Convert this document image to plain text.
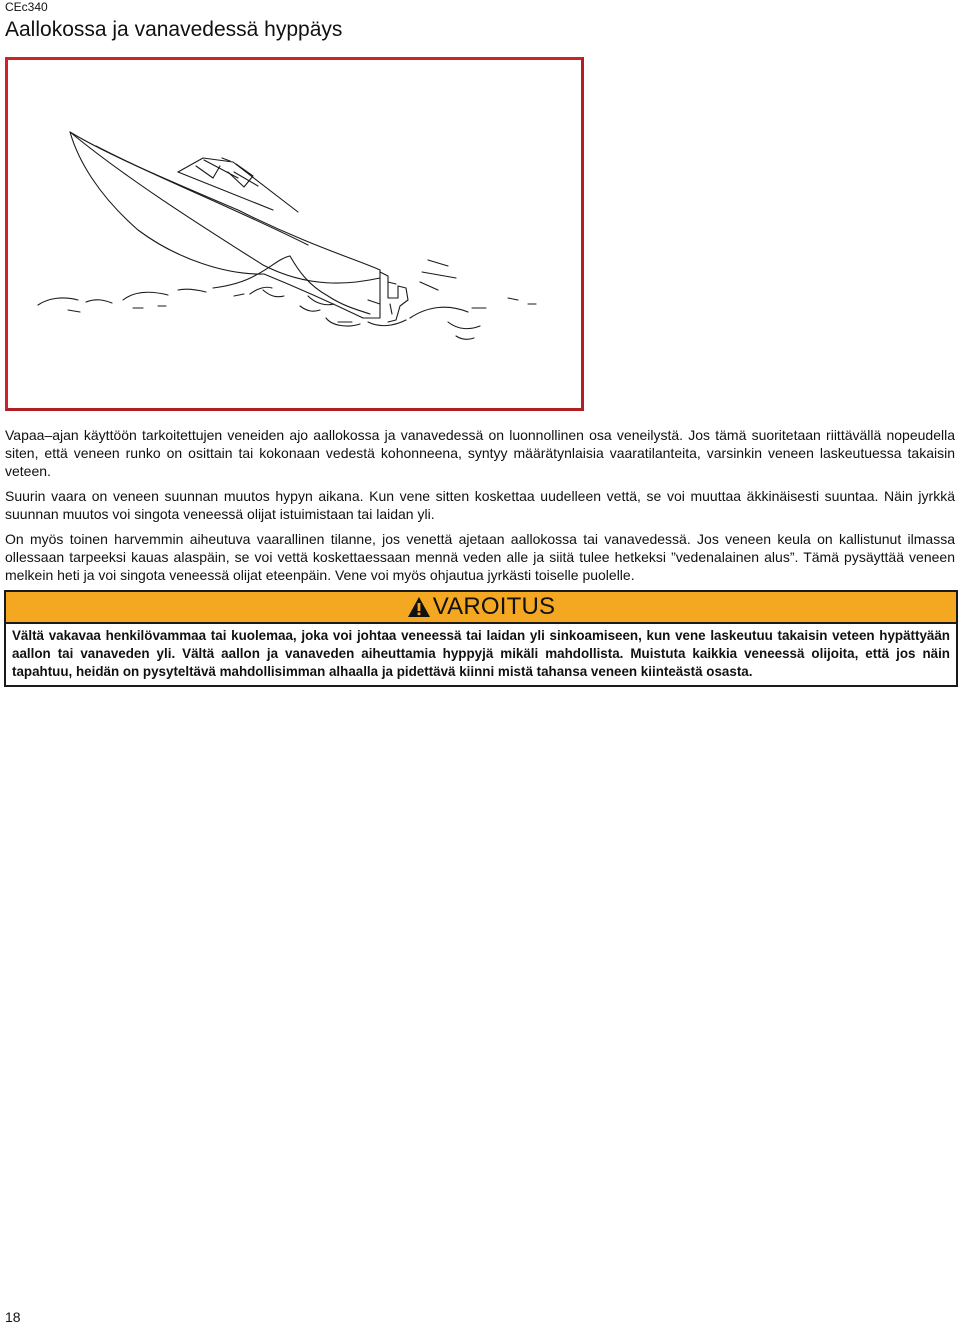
CEc340
Aallokossa ja vanavedessä hyppäys

Vapaa–ajan käyttöön tarkoitettujen veneiden ajo aallokossa ja vanavedessä on luonnollinen osa veneilystä. Jos tämä suoritetaan riittävällä nopeudella siten, että veneen runko on osittain tai kokonaan vedestä kohonneena, syntyy määrätynlaisia vaaratilanteita, varsinkin veneen laskeutuessa takaisin veteen.

Suurin vaara on veneen suunnan muutos hypyn aikana. Kun vene sitten koskettaa uudelleen vettä, se voi muuttaa äkkinäisesti suuntaa. Näin jyrkkä suunnan muutos voi singota veneessä olijat istuimistaan tai laidan yli.

On myös toinen harvemmin aiheutuva vaarallinen tilanne, jos venettä ajetaan aallokossa tai vanavedessä. Jos veneen keula on kallistunut ilmassa ollessaan tarpeeksi kauas alaspäin, se voi vettä koskettaessaan mennä veden alle ja siitä tulee hetkeksi ”vedenalainen alus”. Tämä pysäyttää veneen melkein heti ja voi singota veneessä olijat eteenpäin. Vene voi myös ohjautua jyrkästi toiselle puolelle.

VAROITUS
Vältä vakavaa henkilövammaa tai kuolemaa, joka voi johtaa veneessä tai laidan yli sinkoamiseen, kun vene laskeutuu takaisin veteen hypättyään aallon tai vanaveden yli. Vältä aallon ja vanaveden aiheuttamia hyppyjä mikäli mahdollista. Muistuta kaikkia veneessä olijoita, että jos näin tapahtuu, heidän on pysyteltävä mahdollisimman alhaalla ja pidettävä kiinni mistä tahansa veneen kiinteästä osasta.
18
